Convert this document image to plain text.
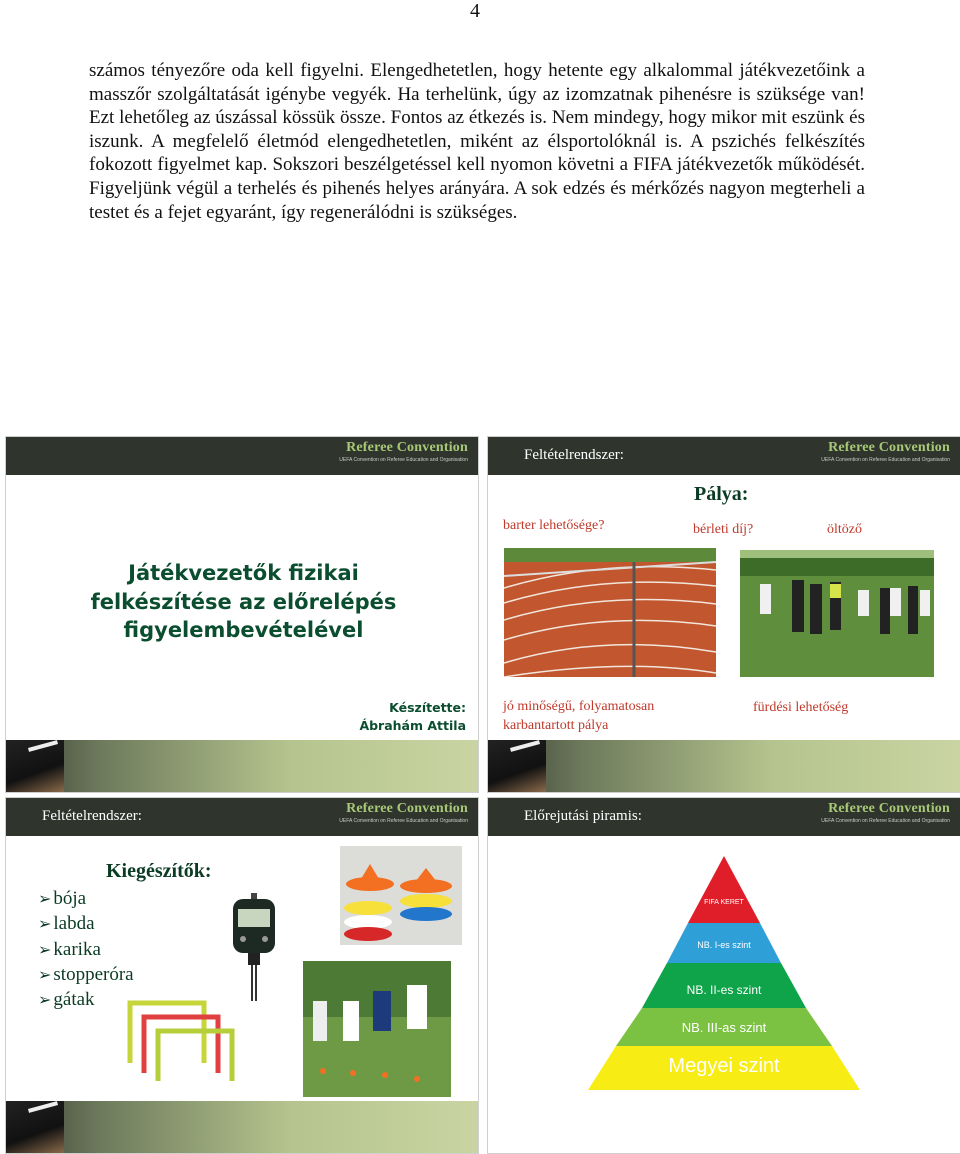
4

számos tényezőre oda kell figyelni. Elengedhetetlen, hogy hetente egy alkalommal játékvezetőink a masszőr szolgáltatását igénybe vegyék. Ha terhelünk, úgy az izomzatnak pihenésre is szüksége van! Ezt lehetőleg az úszással kössük össze. Fontos az étkezés is. Nem mindegy, hogy mikor mit eszünk és iszunk. A megfelelő életmód elengedhetetlen, miként az élsportolóknál is. A pszichés felkészítés fokozott figyelmet kap. Sokszori beszélgetéssel kell nyomon követni a FIFA játékvezetők működését. Figyeljünk végül a terhelés és pihenés helyes arányára. A sok edzés és mérkőzés nagyon megterheli a testet és a fejet egyaránt, így regenerálódni is szükséges.

Referee Convention
UEFA Convention on Referee Education and Organisation

Játékvezetők fizikai felkészítése az előrelépés figyelembevételével

Készítette:
Ábrahám Attila
Feltételrendszer:	Referee Convention
UEFA Convention on Referee Education and Organisation
Pálya:
barter lehetősége?	bérleti díj?	öltöző
jó minőségű, folyamatosan karbantartott pálya
fürdési lehetőség
Feltételrendszer:	Referee Convention
UEFA Convention on Referee Education and Organisation
Kiegészítők:
➢ bója
➢ labda
➢ karika
➢ stopperóra
➢ gátak
Előrejutási piramis:	Referee Convention
UEFA Convention on Referee Education and Organisation
FIFA KERET
NB. I-es szint
NB. II-es szint
NB. III-as szint
Megyei szint
